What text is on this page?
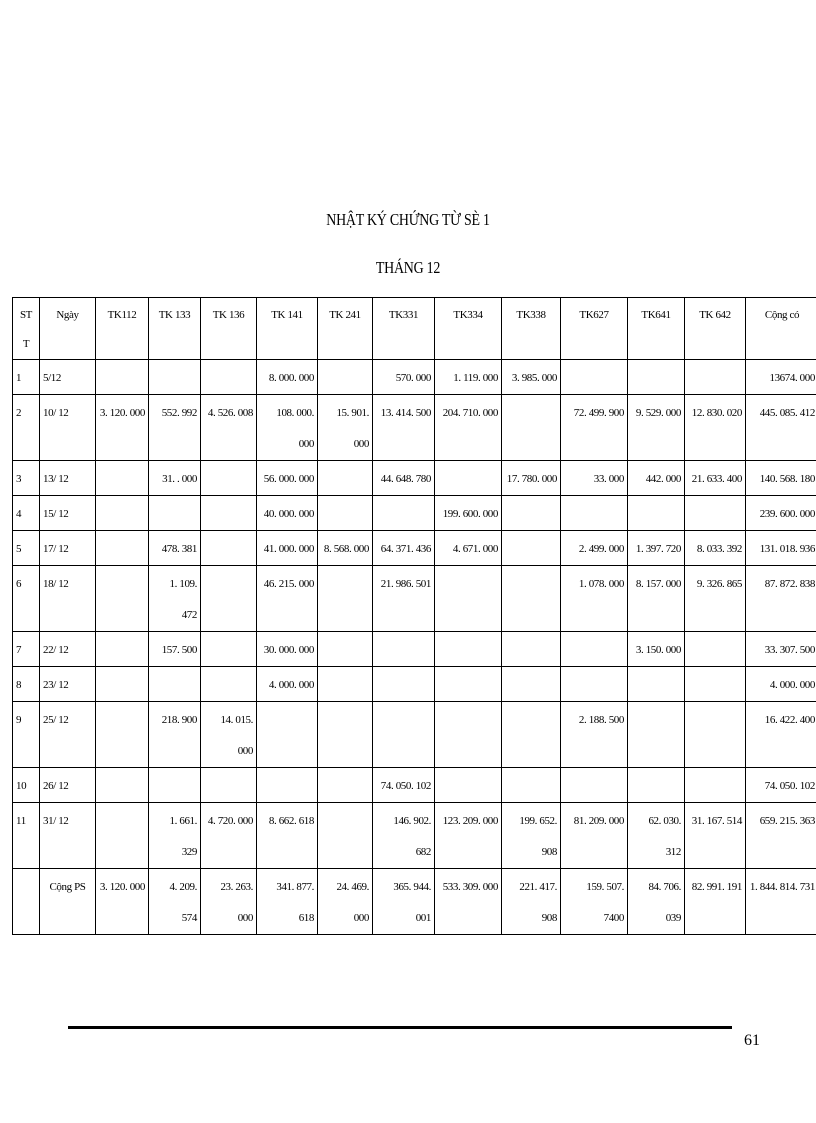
NHẬT KÝ CHỨNG TỪ SÈ 1
THÁNG 12
ST T	Ngày	TK112	TK 133	TK 136	TK 141	TK 241	TK331	TK334	TK338	TK627	TK641	TK 642	Cộng có
1	5/12				8. 000. 000		570. 000	1. 119. 000	3. 985. 000				13674. 000
2	10/ 12	3. 120. 000	552. 992	4. 526. 008	108. 000. 000	15. 901. 000	13. 414. 500	204. 710. 000		72. 499. 900	9. 529. 000	12. 830. 020	445. 085. 412
3	13/ 12		31. . 000		56. 000. 000		44. 648. 780		17. 780. 000	33. 000	442. 000	21. 633. 400	140. 568. 180
4	15/ 12				40. 000. 000			199. 600. 000					239. 600. 000
5	17/ 12		478. 381		41. 000. 000	8. 568. 000	64. 371. 436	4. 671. 000		2. 499. 000	1. 397. 720	8. 033. 392	131. 018. 936
6	18/ 12		1. 109. 472		46. 215. 000		21. 986. 501			1. 078. 000	8. 157. 000	9. 326. 865	87. 872. 838
7	22/ 12		157. 500		30. 000. 000						3. 150. 000		33. 307. 500
8	23/ 12				4. 000. 000								4. 000. 000
9	25/ 12		218. 900	14. 015. 000						2. 188. 500			16. 422. 400
10	26/ 12						74. 050. 102						74. 050. 102
11	31/ 12		1. 661. 329	4. 720. 000	8. 662. 618		146. 902. 682	123. 209. 000	199. 652. 908	81. 209. 000	62. 030. 312	31. 167. 514	659. 215. 363
	Cộng PS	3. 120. 000	4. 209. 574	23. 263. 000	341. 877. 618	24. 469. 000	365. 944. 001	533. 309. 000	221. 417. 908	159. 507. 7400	84. 706. 039	82. 991. 191	1. 844. 814. 731
61
